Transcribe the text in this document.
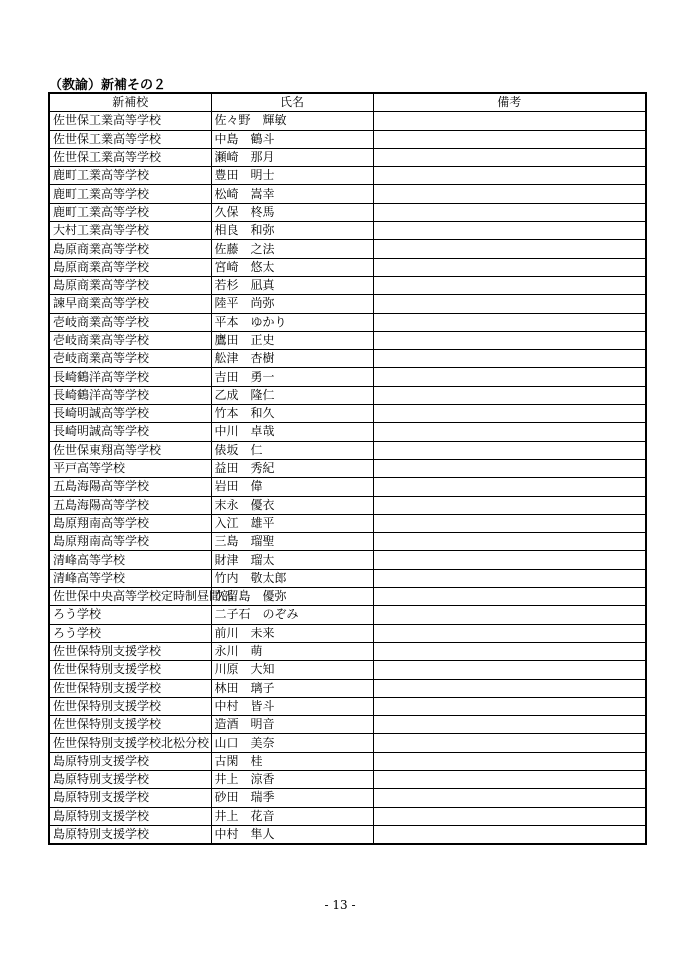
（教諭）新補その２
新補校	氏名	備考
佐世保工業高等学校	佐々野　輝敏	
佐世保工業高等学校	中島　鶴斗	
佐世保工業高等学校	瀬崎　那月	
鹿町工業高等学校	豊田　明士	
鹿町工業高等学校	松崎　嵩幸	
鹿町工業高等学校	久保　柊馬	
大村工業高等学校	相良　和弥	
島原商業高等学校	佐藤　之法	
島原商業高等学校	宮崎　悠太	
島原商業高等学校	若杉　凪真	
諫早商業高等学校	陸平　尚弥	
壱岐商業高等学校	平本　ゆかり	
壱岐商業高等学校	鷹田　正史	
壱岐商業高等学校	舩津　杏樹	
長崎鶴洋高等学校	吉田　勇一	
長崎鶴洋高等学校	乙成　隆仁	
長崎明誠高等学校	竹本　和久	
長崎明誠高等学校	中川　卓哉	
佐世保東翔高等学校	俵坂　仁	
平戸高等学校	益田　秀紀	
五島海陽高等学校	岩田　偉	
五島海陽高等学校	末永　優衣	
島原翔南高等学校	入江　雄平	
島原翔南高等学校	三島　瑠聖	
清峰高等学校	財津　瑠太	
清峰高等学校	竹内　敬太郎	
佐世保中央高等学校定時制昼間部	久留島　優弥	
ろう学校	二子石　のぞみ	
ろう学校	前川　未来	
佐世保特別支援学校	永川　萌	
佐世保特別支援学校	川原　大知	
佐世保特別支援学校	林田　璃子	
佐世保特別支援学校	中村　皆斗	
佐世保特別支援学校	造酒　明音	
佐世保特別支援学校北松分校	山口　美奈	
島原特別支援学校	古閑　桂	
島原特別支援学校	井上　涼香	
島原特別支援学校	砂田　瑞季	
島原特別支援学校	井上　花音	
島原特別支援学校	中村　隼人	
- 13 -
